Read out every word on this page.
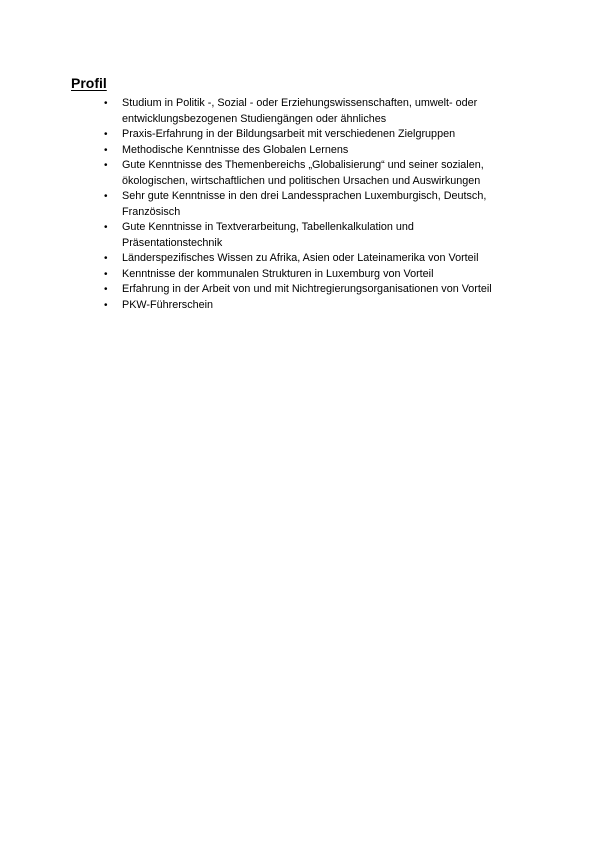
Profil
• Studium in Politik -, Sozial - oder Erziehungswissenschaften, umwelt- oder
entwicklungsbezogenen Studiengängen oder ähnliches
• Praxis-Erfahrung in der Bildungsarbeit mit verschiedenen Zielgruppen
• Methodische Kenntnisse des Globalen Lernens
• Gute Kenntnisse des Themenbereichs „Globalisierung“ und seiner sozialen,
ökologischen, wirtschaftlichen und politischen Ursachen und Auswirkungen
• Sehr gute Kenntnisse in den drei Landessprachen Luxemburgisch, Deutsch,
Französisch
• Gute Kenntnisse in Textverarbeitung, Tabellenkalkulation und
Präsentationstechnik
• Länderspezifisches Wissen zu Afrika, Asien oder Lateinamerika von Vorteil
• Kenntnisse der kommunalen Strukturen in Luxemburg von Vorteil
• Erfahrung in der Arbeit von und mit Nichtregierungsorganisationen von Vorteil
• PKW-Führerschein
